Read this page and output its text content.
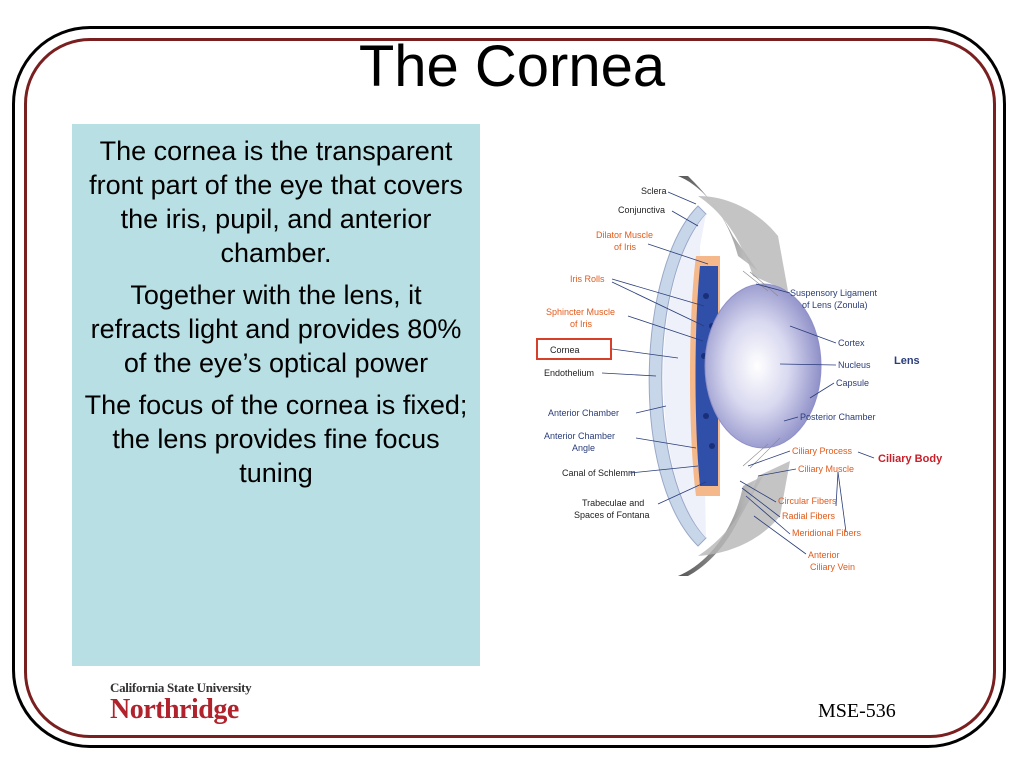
The Cornea

The cornea is the transparent front part of the eye that covers the iris, pupil, and anterior chamber.

Together with the lens, it refracts light and provides 80% of the eye’s optical power

The focus of the cornea is fixed; the lens provides fine focus tuning

Sclera
Conjunctiva
Dilator Muscle
of Iris
Iris Rolls
Sphincter Muscle
of Iris
Cornea
Endothelium
Anterior Chamber
Anterior Chamber
Angle
Canal of Schlemm
Trabeculae and
Spaces of Fontana
Suspensory Ligament
of Lens (Zonula)
Cortex
Nucleus Lens
Capsule
Posterior Chamber
Ciliary Process
Ciliary Body
Ciliary Muscle
Circular Fibers
Radial Fibers
Meridional Fibers
Anterior
Ciliary Vein
California State University
Northridge	MSE-536
